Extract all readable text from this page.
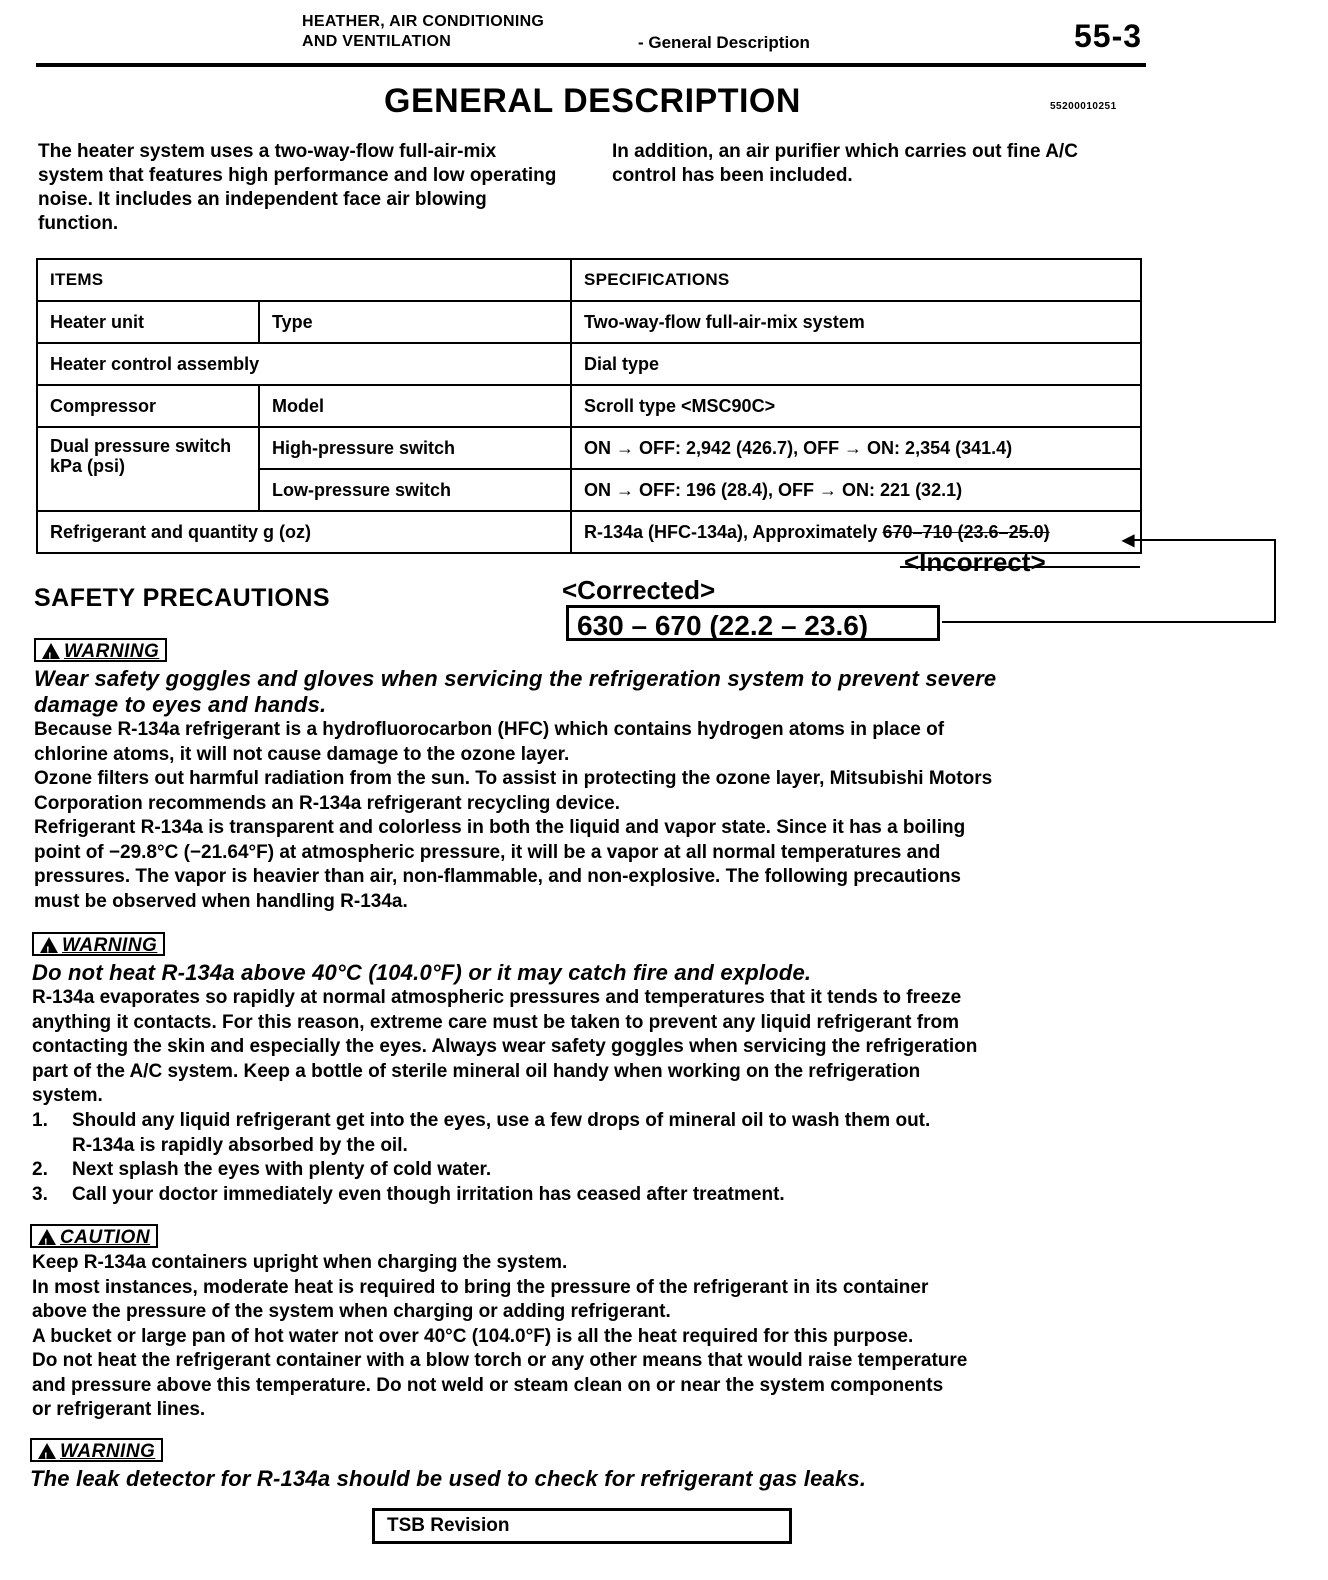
HEATHER, AIR CONDITIONING
AND VENTILATION	- General Description	55-3
GENERAL DESCRIPTION	55200010251
The heater system uses a two-way-flow full-air-mix system that features high performance and low operating noise. It includes an independent face air blowing function.
In addition, an air purifier which carries out fine A/C control has been included.
ITEMS		SPECIFICATIONS
Heater unit	Type	Two-way-flow full-air-mix system
Heater control assembly		Dial type
Compressor	Model	Scroll type <MSC90C>
Dual pressure switch kPa (psi)	High-pressure switch	ON → OFF: 2,942 (426.7), OFF → ON: 2,354 (341.4)
	Low-pressure switch	ON → OFF: 196 (28.4), OFF → ON: 221 (32.1)
Refrigerant and quantity g (oz)		R-134a (HFC-134a), Approximately 670–710 (23.6–25.0)	◀
<Incorrect>
<Corrected>
630 – 670 (22.2 – 23.6)
SAFETY PRECAUTIONS
!WARNING
Wear safety goggles and gloves when servicing the refrigeration system to prevent severe
damage to eyes and hands.
Because R-134a refrigerant is a hydrofluorocarbon (HFC) which contains hydrogen atoms in place of
chlorine atoms, it will not cause damage to the ozone layer.
Ozone filters out harmful radiation from the sun. To assist in protecting the ozone layer, Mitsubishi Motors
Corporation recommends an R-134a refrigerant recycling device.
Refrigerant R-134a is transparent and colorless in both the liquid and vapor state. Since it has a boiling
point of −29.8°C (−21.64°F) at atmospheric pressure, it will be a vapor at all normal temperatures and
pressures. The vapor is heavier than air, non-flammable, and non-explosive. The following precautions
must be observed when handling R-134a.
!WARNING
Do not heat R-134a above 40°C (104.0°F) or it may catch fire and explode.
R-134a evaporates so rapidly at normal atmospheric pressures and temperatures that it tends to freeze
anything it contacts. For this reason, extreme care must be taken to prevent any liquid refrigerant from
contacting the skin and especially the eyes. Always wear safety goggles when servicing the refrigeration
part of the A/C system. Keep a bottle of sterile mineral oil handy when working on the refrigeration
system.
1. Should any liquid refrigerant get into the eyes, use a few drops of mineral oil to wash them out.
R-134a is rapidly absorbed by the oil.
2. Next splash the eyes with plenty of cold water.
3. Call your doctor immediately even though irritation has ceased after treatment.
!CAUTION
Keep R-134a containers upright when charging the system.
In most instances, moderate heat is required to bring the pressure of the refrigerant in its container
above the pressure of the system when charging or adding refrigerant.
A bucket or large pan of hot water not over 40°C (104.0°F) is all the heat required for this purpose.
Do not heat the refrigerant container with a blow torch or any other means that would raise temperature
and pressure above this temperature. Do not weld or steam clean on or near the system components
or refrigerant lines.
!WARNING
The leak detector for R-134a should be used to check for refrigerant gas leaks.
TSB Revision
